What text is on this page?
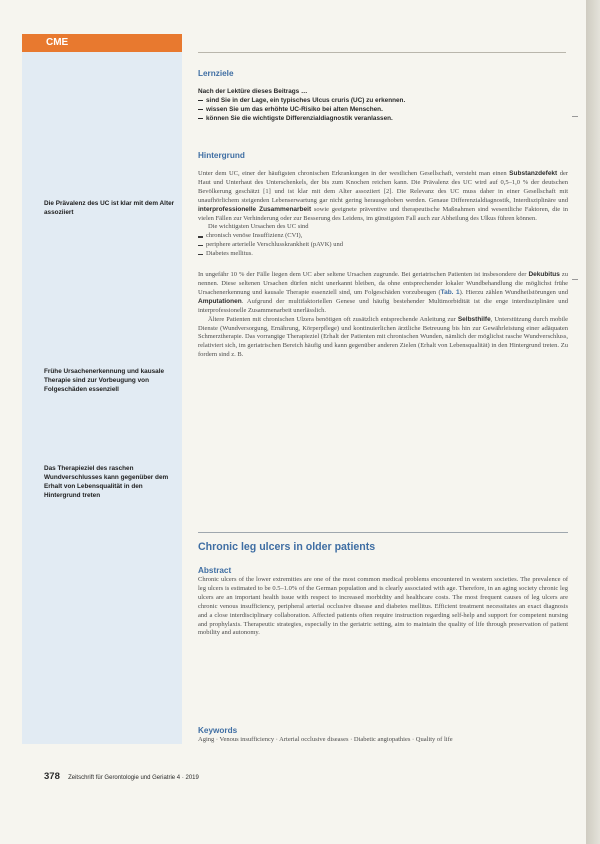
CME
Die Prävalenz des UC ist klar mit dem Alter assoziiert
Frühe Ursachenerkennung und kausale Therapie sind zur Vorbeugung von Folgeschäden essenziell
Das Therapieziel des raschen Wundverschlusses kann gegenüber dem Erhalt von Lebensqualität in den Hintergrund treten
Lernziele
Nach der Lektüre dieses Beitrags …
sind Sie in der Lage, ein typisches Ulcus cruris (UC) zu erkennen.
wissen Sie um das erhöhte UC-Risiko bei alten Menschen.
können Sie die wichtigste Differenzialdiagnostik veranlassen.
Hintergrund

Unter dem UC, einer der häufigsten chronischen Erkrankungen in der westlichen Gesellschaft, versteht man einen Substanzdefekt der Haut und Unterhaut des Unterschenkels, der bis zum Knochen reichen kann. Die Prävalenz des UC wird auf 0,5–1,0 % der deutschen Bevölkerung geschätzt [1] und ist klar mit dem Alter assoziiert [2]. Die Relevanz des UC muss daher in einer Gesellschaft mit unaufhörlichem steigenden Lebenserwartung gar nicht gering herausgehoben werden. Genaue Differenzialdiagnostik, Interdisziplinäre und interprofessionelle Zusammenarbeit sowie geeignete präventive und therapeutische Maßnahmen sind wesentliche Faktoren, die in vielen Fällen zur Verhinderung oder zur Besserung des Leidens, im günstigsten Fall auch zur Abheilung des Ulkus führen können.

Die wichtigsten Ursachen des UC sind

chronisch venöse Insuffizienz (CVI),
periphere arterielle Verschlusskrankheit (pAVK) und
Diabetes mellitus.

In ungefähr 10 % der Fälle liegen dem UC aber seltene Ursachen zugrunde. Bei geriatrischen Patienten ist insbesondere der Dekubitus zu nennen. Diese seltenen Ursachen dürfen nicht unerkannt bleiben, da ohne entsprechender lokaler Wundbehandlung die möglichst frühe Ursachenerkennung und kausale Therapie essenziell sind, um Folgeschäden vorzubeugen (Tab. 1). Hierzu zählen Wundheilstörungen und Amputationen. Aufgrund der multifaktoriellen Genese und häufig bestehender Multimorbidität ist die enge interdisziplinäre und interprofessionelle Zusammenarbeit unerlässlich.

Ältere Patienten mit chronischen Ulzera benötigen oft zusätzlich entsprechende Anleitung zur Selbsthilfe, Unterstützung durch mobile Dienste (Wundversorgung, Ernährung, Körperpflege) und kontinuierlichen ärztliche Betreuung bis hin zur Gewährleistung einer adäquaten Schmerztherapie. Das vorrangige Therapieziel (Erhalt der Patienten mit chronischen Wunden, nämlich der möglichst rasche Wundverschluss, relativiert sich, im geriatrischen Bereich häufig und kann gegenüber anderen Zielen (Erhalt von Lebensqualität) in den Hintergrund treten. Zu fordern sind z. B.

Chronic leg ulcers in older patients
Abstract

Chronic ulcers of the lower extremities are one of the most common medical problems encountered in western societies. The prevalence of leg ulcers is estimated to be 0.5–1.0% of the German population and is clearly associated with age. Therefore, in an aging society chronic leg ulcers are an important health issue with respect to increased morbidity and healthcare costs. The most frequent causes of leg ulcers are chronic venous insufficiency, peripheral arterial occlusive disease and diabetes mellitus. Efficient treatment necessitates an exact diagnosis and a close interdisciplinary collaboration. Affected patients often require instruction regarding self-help and support for competent nursing and prophylaxis. Therapeutic strategies, especially in the geriatric setting, aim to maintain the quality of life through preservation of patient mobility and autonomy.

Keywords

Aging · Venous insufficiency · Arterial occlusive diseases · Diabetic angiopathies · Quality of life

378 Zeitschrift für Gerontologie und Geriatrie 4 · 2019
